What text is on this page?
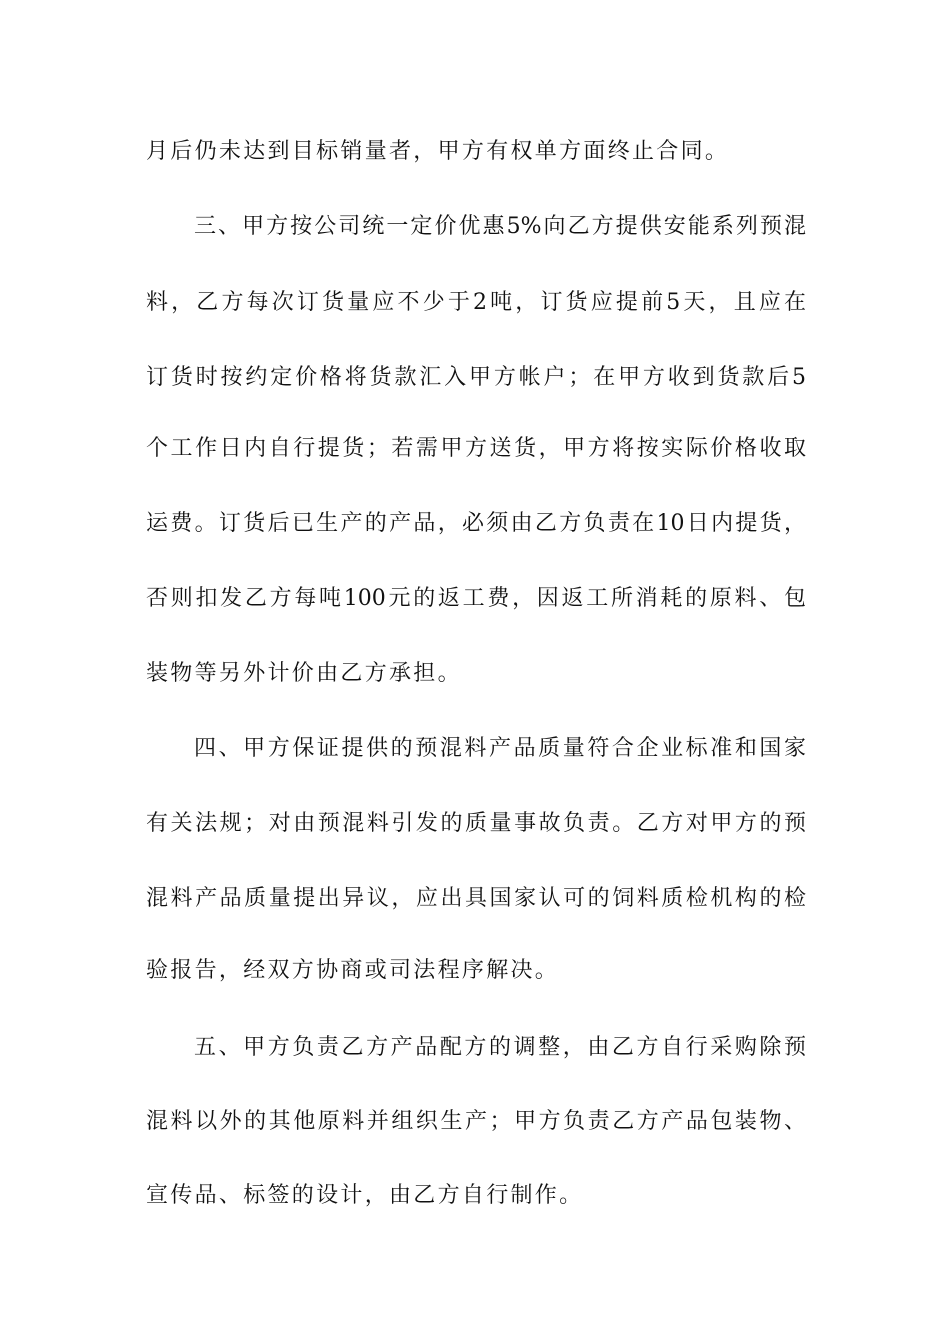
月后仍未达到目标销量者，甲方有权单方面终止合同。
三、甲方按公司统一定价优惠5%向乙方提供安能系列预混
料，乙方每次订货量应不少于2吨，订货应提前5天，且应在
订货时按约定价格将货款汇入甲方帐户；在甲方收到货款后5
个工作日内自行提货；若需甲方送货，甲方将按实际价格收取
运费。订货后已生产的产品，必须由乙方负责在10日内提货，
否则扣发乙方每吨100元的返工费，因返工所消耗的原料、包
装物等另外计价由乙方承担。
四、甲方保证提供的预混料产品质量符合企业标准和国家
有关法规；对由预混料引发的质量事故负责。乙方对甲方的预
混料产品质量提出异议，应出具国家认可的饲料质检机构的检
验报告，经双方协商或司法程序解决。
五、甲方负责乙方产品配方的调整，由乙方自行采购除预
混料以外的其他原料并组织生产；甲方负责乙方产品包装物、
宣传品、标签的设计，由乙方自行制作。
